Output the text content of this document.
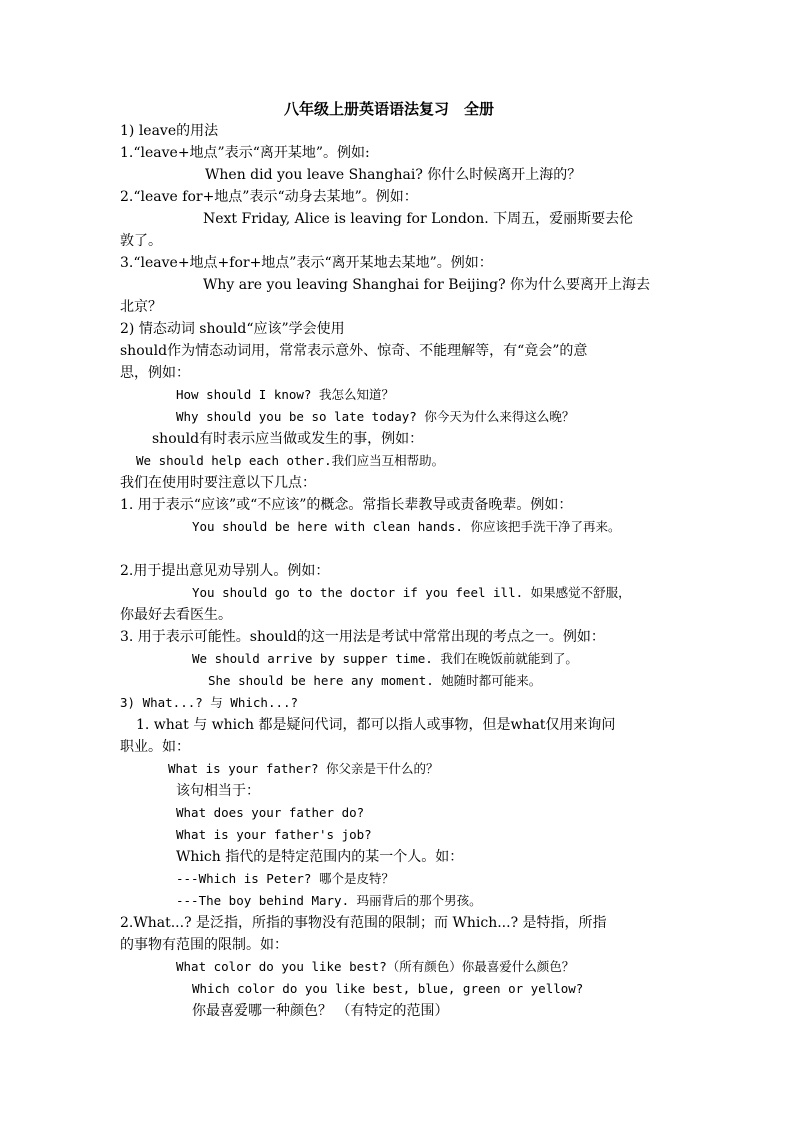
八年级上册英语语法复习　全册
1) leave的用法
1.“leave+地点”表示“离开某地”。例如:
When did you leave Shanghai? 你什么时候离开上海的？
2.“leave for+地点”表示“动身去某地”。例如：
Next Friday, Alice is leaving for London. 下周五，爱丽斯要去伦
敦了。
3.“leave+地点+for+地点”表示“离开某地去某地”。例如：
Why are you leaving Shanghai for Beijing? 你为什么要离开上海去
北京？
2) 情态动词 should“应该”学会使用
should作为情态动词用，常常表示意外、惊奇、不能理解等，有“竟会”的意
思，例如：
How should I know? 我怎么知道？
Why should you be so late today? 你今天为什么来得这么晚？
should有时表示应当做或发生的事，例如：
We should help each other.我们应当互相帮助。
我们在使用时要注意以下几点：
1. 用于表示“应该”或“不应该”的概念。常指长辈教导或责备晚辈。例如：
You should be here with clean hands. 你应该把手洗干净了再来。
2.用于提出意见劝导别人。例如：
You should go to the doctor if you feel ill. 如果感觉不舒服，
你最好去看医生。
3. 用于表示可能性。should的这一用法是考试中常常出现的考点之一。例如：
We should arrive by supper time. 我们在晚饭前就能到了。
She should be here any moment. 她随时都可能来。
3) What...? 与 Which...?
1. what 与 which 都是疑问代词，都可以指人或事物，但是what仅用来询问
职业。如：
What is your father? 你父亲是干什么的？
该句相当于：
What does your father do?
What is your father's job?
Which 指代的是特定范围内的某一个人。如：
---Which is Peter? 哪个是皮特？
---The boy behind Mary. 玛丽背后的那个男孩。
2.What...? 是泛指，所指的事物没有范围的限制；而 Which...? 是特指，所指
的事物有范围的限制。如：
What color do you like best?（所有颜色）你最喜爱什么颜色？
Which color do you like best, blue, green or yellow?
你最喜爱哪一种颜色？ （有特定的范围）
